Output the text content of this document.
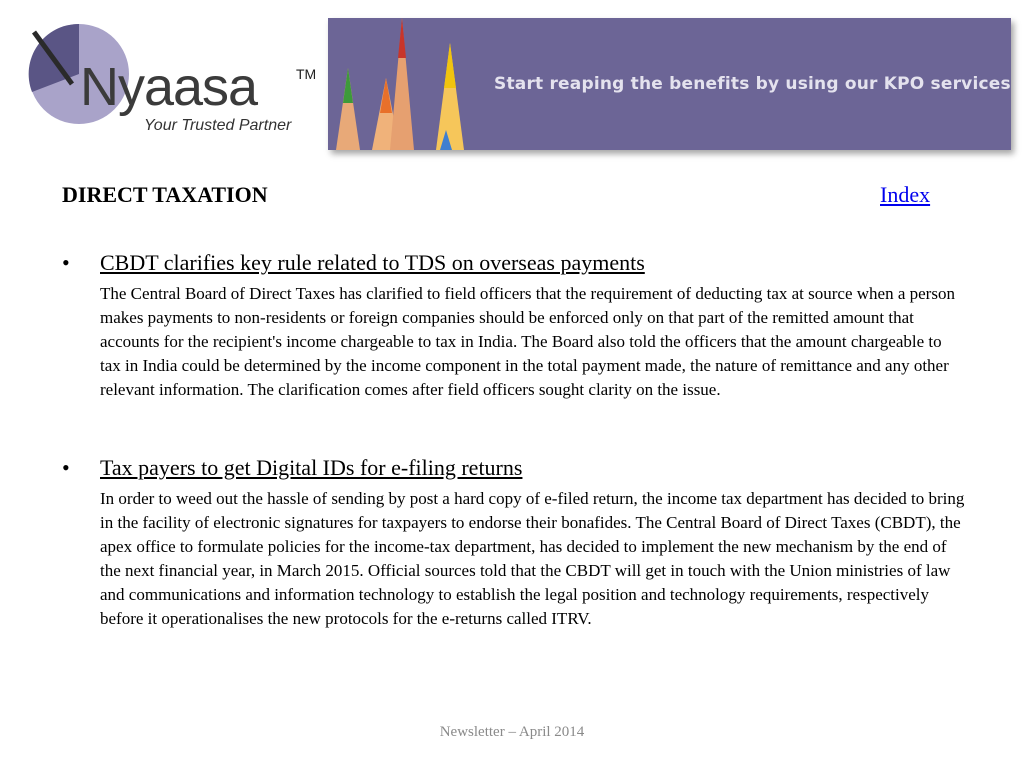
Nyaasa	TM
Your Trusted Partner
Start reaping the benefits by using our KPO services
DIRECT TAXATION	Index
• CBDT clarifies key rule related to TDS on overseas payments
The Central Board of Direct Taxes has clarified to field officers that the requirement of deducting tax at source when a person makes payments to non-residents or foreign companies should be enforced only on that part of the remitted amount that accounts for the recipient's income chargeable to tax in India. The Board also told the officers that the amount chargeable to tax in India could be determined by the income component in the total payment made, the nature of remittance and any other relevant information. The clarification comes after field officers sought clarity on the issue.
• Tax payers to get Digital IDs for e-filing returns
In order to weed out the hassle of sending by post a hard copy of e-filed return, the income tax department has decided to bring in the facility of electronic signatures for taxpayers to endorse their bonafides. The Central Board of Direct Taxes (CBDT), the apex office to formulate policies for the income-tax department, has decided to implement the new mechanism by the end of the next financial year, in March 2015. Official sources told that the CBDT will get in touch with the Union ministries of law and communications and information technology to establish the legal position and technology requirements, respectively before it operationalises the new protocols for the e-returns called ITRV.
Newsletter – April 2014
